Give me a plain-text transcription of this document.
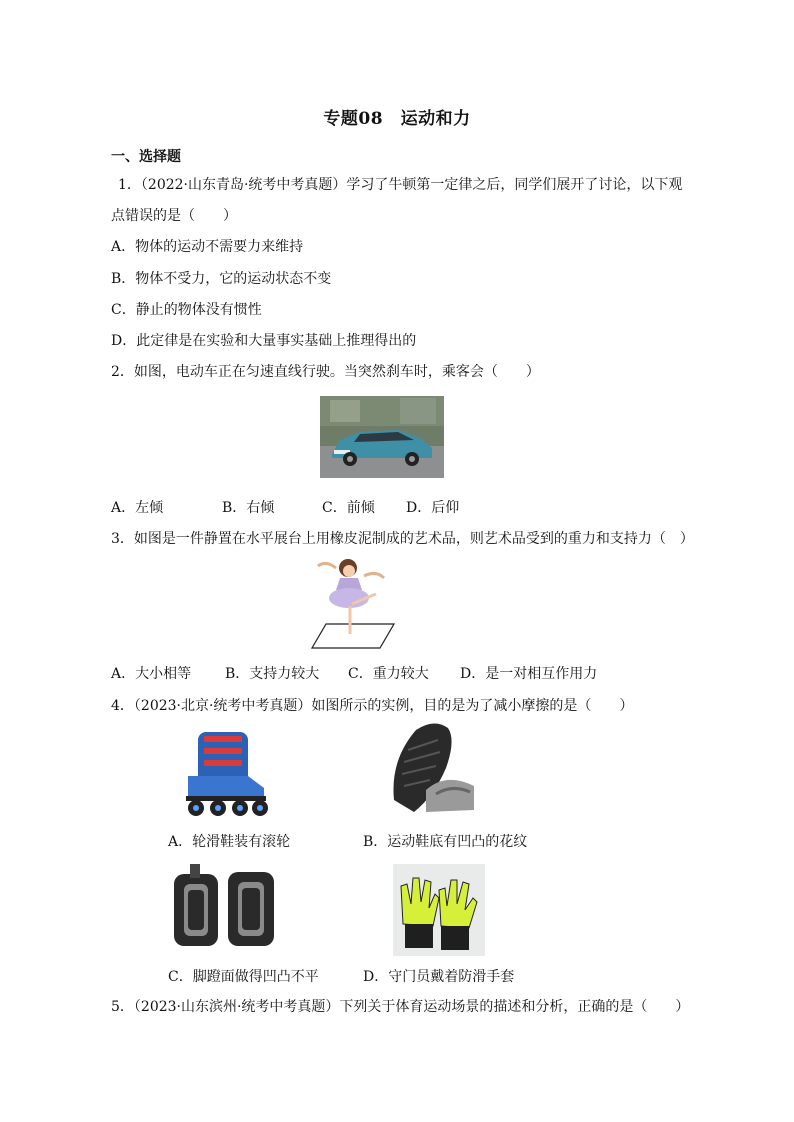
专题08　运动和力
一、选择题
1．（2022·山东青岛·统考中考真题）学习了牛顿第一定律之后，同学们展开了讨论，以下观
点错误的是（　　）
A．物体的运动不需要力来维持
B．物体不受力，它的运动状态不变
C．静止的物体没有惯性
D．此定律是在实验和大量事实基础上推理得出的
2．如图，电动车正在匀速直线行驶。当突然刹车时，乘客会（　　）
A．左倾	B．右倾	C．前倾 D．后仰
3．如图是一件静置在水平展台上用橡皮泥制成的艺术品，则艺术品受到的重力和支持力（　）
A．大小相等 B．支持力较大 C．重力较大 D．是一对相互作用力
4．（2023·北京·统考中考真题）如图所示的实例，目的是为了减小摩擦的是（　　）
A．轮滑鞋装有滚轮	B．运动鞋底有凹凸的花纹
C．脚蹬面做得凹凸不平	D．守门员戴着防滑手套
5．（2023·山东滨州·统考中考真题）下列关于体育运动场景的描述和分析，正确的是（　　）
